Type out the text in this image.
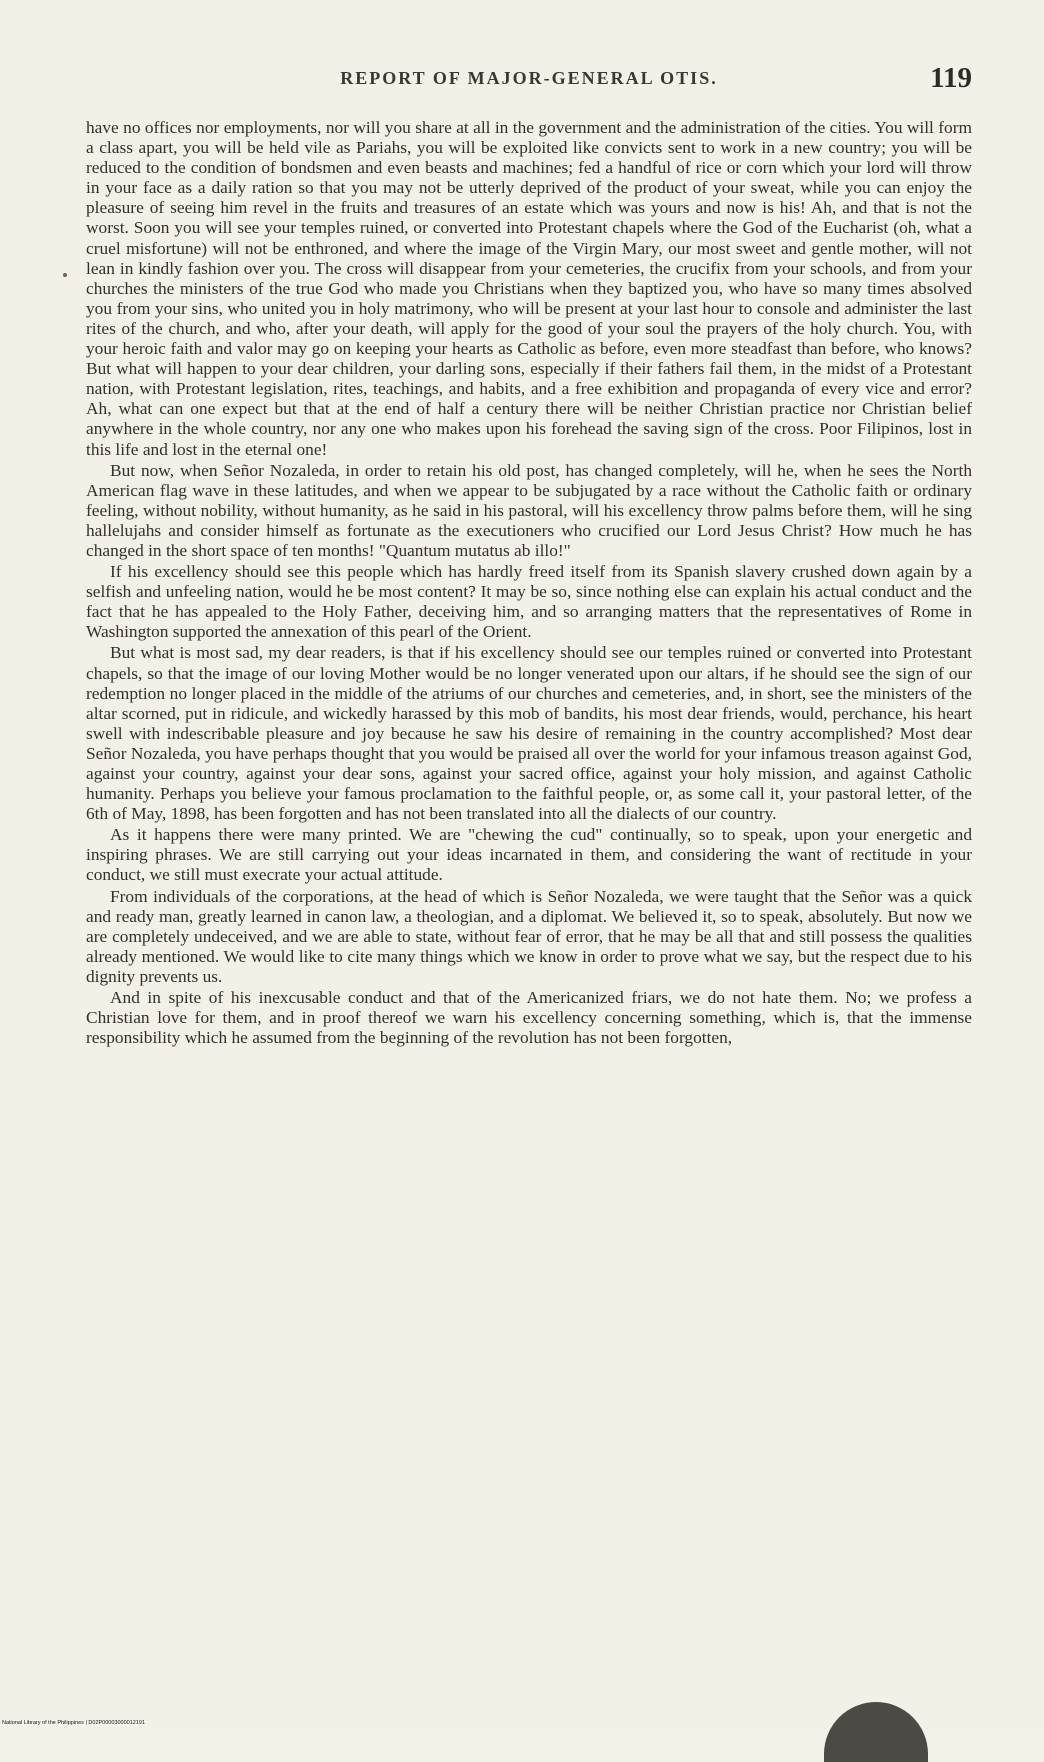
REPORT OF MAJOR-GENERAL OTIS.	119

have no offices nor employments, nor will you share at all in the government and the administration of the cities. You will form a class apart, you will be held vile as Pariahs, you will be exploited like convicts sent to work in a new country; you will be reduced to the condition of bondsmen and even beasts and machines; fed a handful of rice or corn which your lord will throw in your face as a daily ration so that you may not be utterly deprived of the product of your sweat, while you can enjoy the pleasure of seeing him revel in the fruits and treasures of an estate which was yours and now is his! Ah, and that is not the worst. Soon you will see your temples ruined, or converted into Protestant chapels where the God of the Eucharist (oh, what a cruel misfortune) will not be enthroned, and where the image of the Virgin Mary, our most sweet and gentle mother, will not lean in kindly fashion over you. The cross will disappear from your cemeteries, the crucifix from your schools, and from your churches the ministers of the true God who made you Christians when they baptized you, who have so many times absolved you from your sins, who united you in holy matrimony, who will be present at your last hour to console and administer the last rites of the church, and who, after your death, will apply for the good of your soul the prayers of the holy church. You, with your heroic faith and valor may go on keeping your hearts as Catholic as before, even more steadfast than before, who knows? But what will happen to your dear children, your darling sons, especially if their fathers fail them, in the midst of a Protestant nation, with Protestant legislation, rites, teachings, and habits, and a free exhibition and propaganda of every vice and error? Ah, what can one expect but that at the end of half a century there will be neither Christian practice nor Christian belief anywhere in the whole country, nor any one who makes upon his forehead the saving sign of the cross. Poor Filipinos, lost in this life and lost in the eternal one!

But now, when Señor Nozaleda, in order to retain his old post, has changed completely, will he, when he sees the North American flag wave in these latitudes, and when we appear to be subjugated by a race without the Catholic faith or ordinary feeling, without nobility, without humanity, as he said in his pastoral, will his excellency throw palms before them, will he sing hallelujahs and consider himself as fortunate as the executioners who crucified our Lord Jesus Christ? How much he has changed in the short space of ten months! "Quantum mutatus ab illo!"

If his excellency should see this people which has hardly freed itself from its Spanish slavery crushed down again by a selfish and unfeeling nation, would he be most content? It may be so, since nothing else can explain his actual conduct and the fact that he has appealed to the Holy Father, deceiving him, and so arranging matters that the representatives of Rome in Washington supported the annexation of this pearl of the Orient.

But what is most sad, my dear readers, is that if his excellency should see our temples ruined or converted into Protestant chapels, so that the image of our loving Mother would be no longer venerated upon our altars, if he should see the sign of our redemption no longer placed in the middle of the atriums of our churches and cemeteries, and, in short, see the ministers of the altar scorned, put in ridicule, and wickedly harassed by this mob of bandits, his most dear friends, would, perchance, his heart swell with indescribable pleasure and joy because he saw his desire of remaining in the country accomplished? Most dear Señor Nozaleda, you have perhaps thought that you would be praised all over the world for your infamous treason against God, against your country, against your dear sons, against your sacred office, against your holy mission, and against Catholic humanity. Perhaps you believe your famous proclamation to the faithful people, or, as some call it, your pastoral letter, of the 6th of May, 1898, has been forgotten and has not been translated into all the dialects of our country.

As it happens there were many printed. We are "chewing the cud" continually, so to speak, upon your energetic and inspiring phrases. We are still carrying out your ideas incarnated in them, and considering the want of rectitude in your conduct, we still must execrate your actual attitude.

From individuals of the corporations, at the head of which is Señor Nozaleda, we were taught that the Señor was a quick and ready man, greatly learned in canon law, a theologian, and a diplomat. We believed it, so to speak, absolutely. But now we are completely undeceived, and we are able to state, without fear of error, that he may be all that and still possess the qualities already mentioned. We would like to cite many things which we know in order to prove what we say, but the respect due to his dignity prevents us.

And in spite of his inexcusable conduct and that of the Americanized friars, we do not hate them. No; we profess a Christian love for them, and in proof thereof we warn his excellency concerning something, which is, that the immense responsibility which he assumed from the beginning of the revolution has not been forgotten,

National Library of the Philippines | D02P00003000012191
